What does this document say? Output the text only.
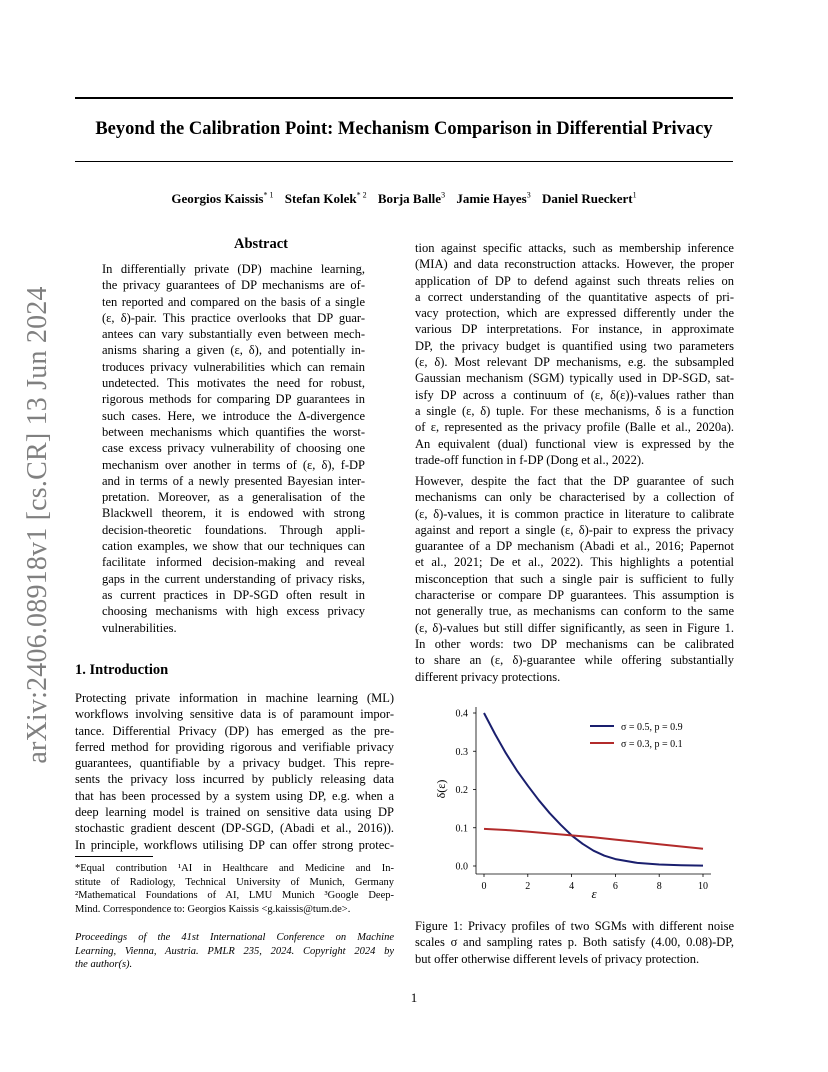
arXiv:2406.08918v1 [cs.CR] 13 Jun 2024
Beyond the Calibration Point: Mechanism Comparison in Differential Privacy
Georgios Kaissis$^{* 1}$ Stefan Kolek$^{* 2}$ Borja Balle$^3$ Jamie Hayes$^3$ Daniel Rueckert$^1$
Abstract
In differentially private (DP) machine learning,
the privacy guarantees of DP mechanisms are of-
ten reported and compared on the basis of a single
(ε, δ)-pair. This practice overlooks that DP guar-
antees can vary substantially even between mech-
anisms sharing a given (ε, δ), and potentially in-
troduces privacy vulnerabilities which can remain
undetected. This motivates the need for robust,
rigorous methods for comparing DP guarantees in
such cases. Here, we introduce the Δ-divergence
between mechanisms which quantifies the worst-
case excess privacy vulnerability of choosing one
mechanism over another in terms of (ε, δ), f-DP
and in terms of a newly presented Bayesian inter-
pretation. Moreover, as a generalisation of the
Blackwell theorem, it is endowed with strong
decision-theoretic foundations. Through appli-
cation examples, we show that our techniques can
facilitate informed decision-making and reveal
gaps in the current understanding of privacy risks,
as current practices in DP-SGD often result in
choosing mechanisms with high excess privacy
vulnerabilities.
1. Introduction
Protecting private information in machine learning (ML)
workflows involving sensitive data is of paramount impor-
tance. Differential Privacy (DP) has emerged as the pre-
ferred method for providing rigorous and verifiable privacy
guarantees, quantifiable by a privacy budget. This repre-
sents the privacy loss incurred by publicly releasing data
that has been processed by a system using DP, e.g. when a
deep learning model is trained on sensitive data using DP
stochastic gradient descent (DP-SGD, (Abadi et al., 2016)).
In principle, workflows utilising DP can offer strong protec-
*Equal contribution ¹AI in Healthcare and Medicine and In-
stitute of Radiology, Technical University of Munich, Germany
²Mathematical Foundations of AI, LMU Munich ³Google Deep-
Mind. Correspondence to: Georgios Kaissis <g.kaissis@tum.de>.
Proceedings of the 41st International Conference on Machine
Learning, Vienna, Austria. PMLR 235, 2024. Copyright 2024 by
the author(s).
tion against specific attacks, such as membership inference
(MIA) and data reconstruction attacks. However, the proper
application of DP to defend against such threats relies on
a correct understanding of the quantitative aspects of pri-
vacy protection, which are expressed differently under the
various DP interpretations. For instance, in approximate
DP, the privacy budget is quantified using two parameters
(ε, δ). Most relevant DP mechanisms, e.g. the subsampled
Gaussian mechanism (SGM) typically used in DP-SGD, sat-
isfy DP across a continuum of (ε, δ(ε))-values rather than
a single (ε, δ) tuple. For these mechanisms, δ is a function
of ε, represented as the privacy profile (Balle et al., 2020a).
An equivalent (dual) functional view is expressed by the
trade-off function in f-DP (Dong et al., 2022).
However, despite the fact that the DP guarantee of such
mechanisms can only be characterised by a collection of
(ε, δ)-values, it is common practice in literature to calibrate
against and report a single (ε, δ)-pair to express the privacy
guarantee of a DP mechanism (Abadi et al., 2016; Papernot
et al., 2021; De et al., 2022). This highlights a potential
misconception that such a single pair is sufficient to fully
characterise or compare DP guarantees. This assumption is
not generally true, as mechanisms can conform to the same
(ε, δ)-values but still differ significantly, as seen in Figure 1.
In other words: two DP mechanisms can be calibrated
to share an (ε, δ)-guarantee while offering substantially
different privacy protections.
0	2	4	6	8	10
0.0
0.1
0.2
0.3
0.4
σ = 0.5, p = 0.9
σ = 0.3, p = 0.1
ε
δ(ε)
Figure 1: Privacy profiles of two SGMs with different noise
scales σ and sampling rates p. Both satisfy (4.00, 0.08)-DP,
but offer otherwise different levels of privacy protection.
1
